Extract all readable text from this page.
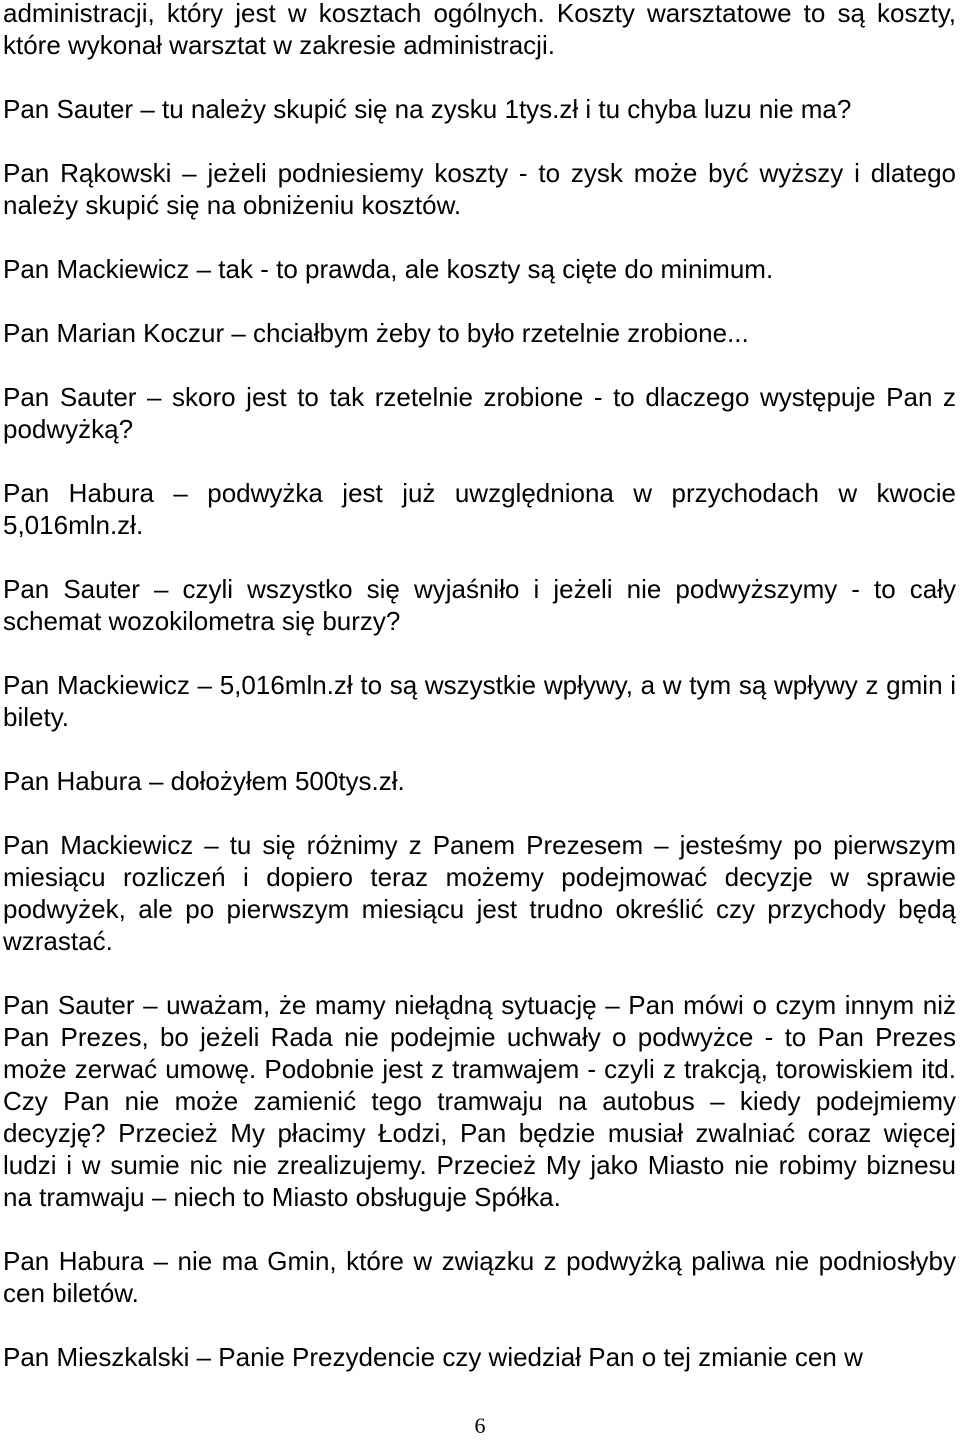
administracji, który jest w kosztach ogólnych. Koszty warsztatowe to są koszty, które wykonał warsztat w zakresie administracji.

Pan Sauter – tu należy skupić się na zysku 1tys.zł i tu chyba luzu nie ma?

Pan Rąkowski – jeżeli podniesiemy koszty - to zysk może być wyższy i dlatego należy skupić się na obniżeniu kosztów.

Pan Mackiewicz – tak - to prawda, ale koszty są cięte do minimum.

Pan Marian Koczur – chciałbym żeby to było rzetelnie zrobione...

Pan Sauter – skoro jest to tak rzetelnie zrobione - to dlaczego występuje Pan z podwyżką?

Pan Habura – podwyżka jest już uwzględniona w przychodach w kwocie 5,016mln.zł.

Pan Sauter – czyli wszystko się wyjaśniło i jeżeli nie podwyższymy - to cały schemat wozokilometra się burzy?

Pan Mackiewicz – 5,016mln.zł to są wszystkie wpływy, a w tym są wpływy z gmin i bilety.

Pan Habura – dołożyłem 500tys.zł.

Pan Mackiewicz – tu się różnimy z Panem Prezesem – jesteśmy po pierwszym miesiącu rozliczeń i dopiero teraz możemy podejmować decyzje w sprawie podwyżek, ale po pierwszym miesiącu jest trudno określić czy przychody będą wzrastać.

Pan Sauter – uważam, że mamy niełądną sytuację – Pan mówi o czym innym niż Pan Prezes, bo jeżeli Rada nie podejmie uchwały o podwyżce - to Pan Prezes może zerwać umowę. Podobnie jest z tramwajem - czyli z trakcją, torowiskiem itd. Czy Pan nie może zamienić tego tramwaju na autobus – kiedy podejmiemy decyzję? Przecież My płacimy Łodzi, Pan będzie musiał zwalniać coraz więcej ludzi i w sumie nic nie zrealizujemy. Przecież My jako Miasto nie robimy biznesu na tramwaju – niech to Miasto obsługuje Spółka.

Pan Habura – nie ma Gmin, które w związku z podwyżką paliwa nie podniosłyby cen biletów.

Pan Mieszkalski – Panie Prezydencie czy wiedział Pan o tej zmianie cen w

6
